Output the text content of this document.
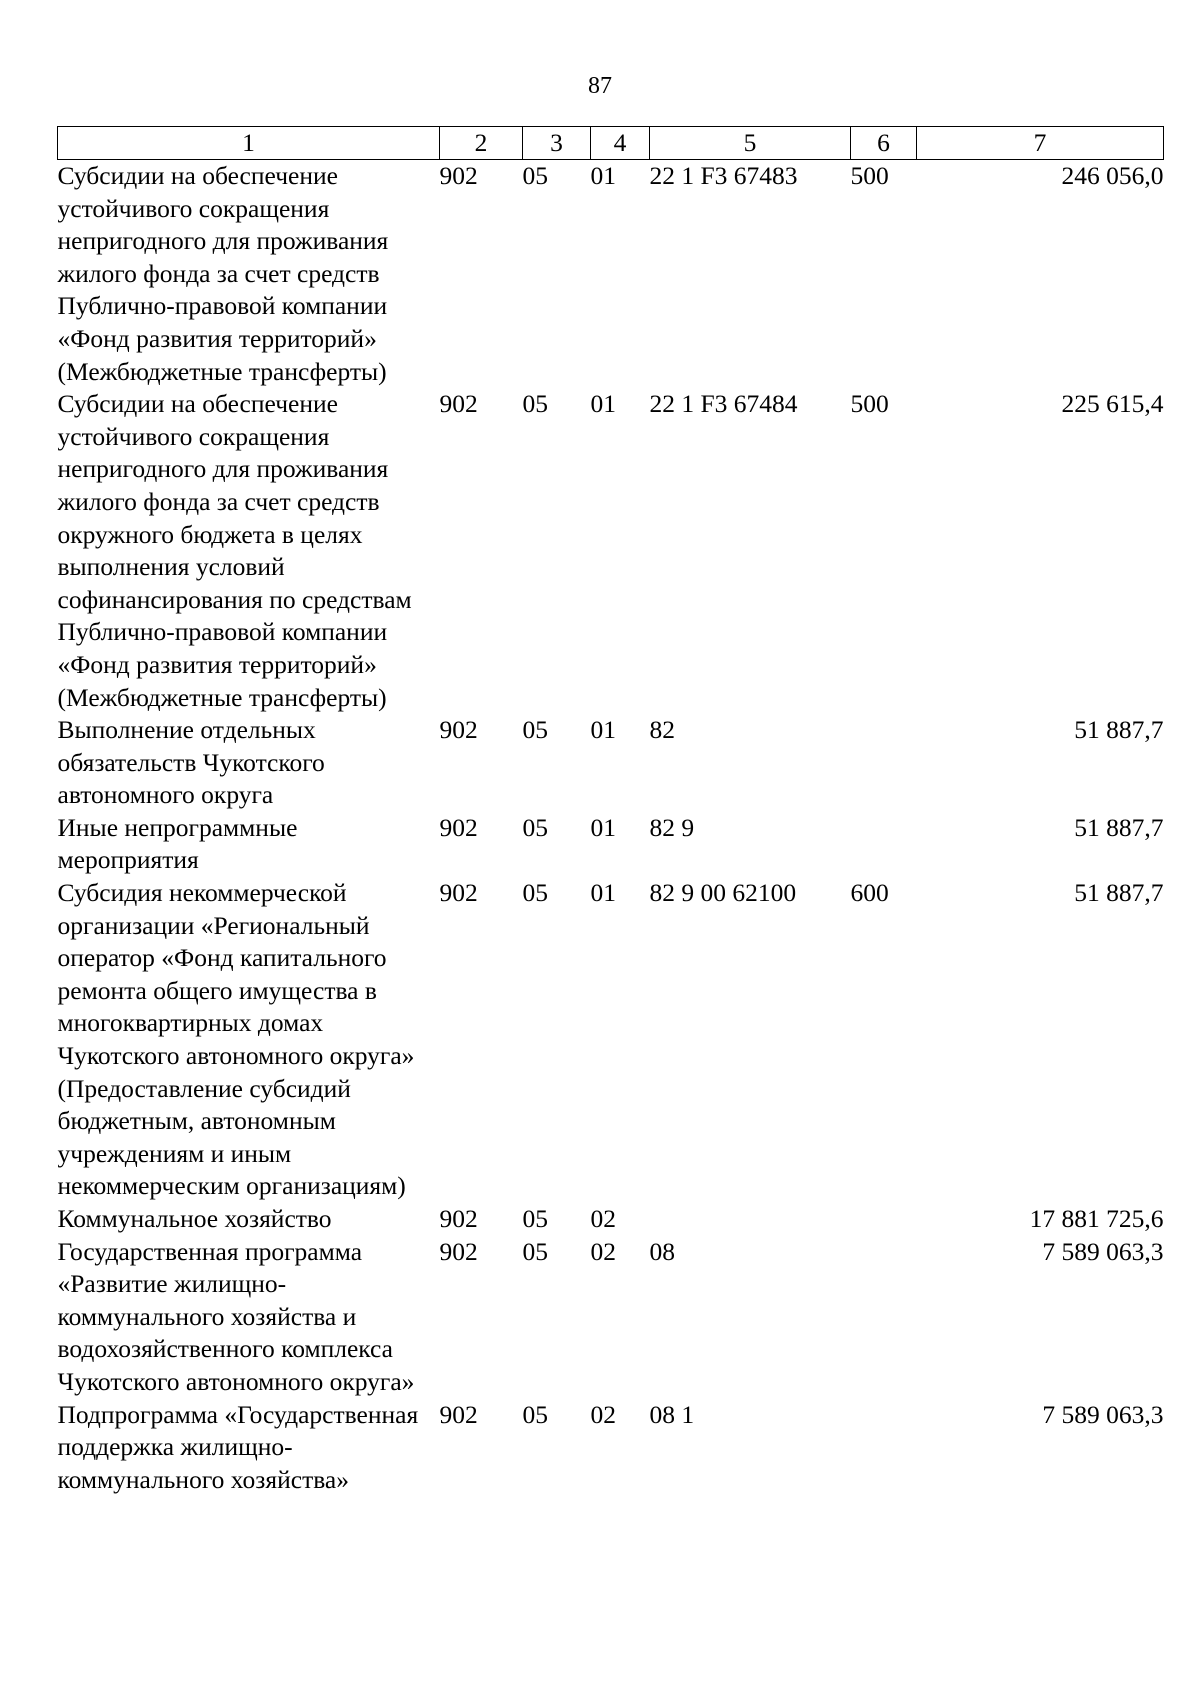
87
1	2	3	4	5	6	7
Субсидии на обеспечение устойчивого сокращения непригодного для проживания жилого фонда за счет средств Публично-правовой компании «Фонд развития территорий» (Межбюджетные трансферты)	902	05	01	22 1 F3 67483	500	246 056,0
Субсидии на обеспечение устойчивого сокращения непригодного для проживания жилого фонда за счет средств окружного бюджета в целях выполнения условий софинансирования по средствам Публично-правовой компании «Фонд развития территорий» (Межбюджетные трансферты)	902	05	01	22 1 F3 67484	500	225 615,4
Выполнение отдельных обязательств Чукотского автономного округа	902	05	01	82		51 887,7
Иные непрограммные мероприятия	902	05	01	82 9		51 887,7
Субсидия некоммерческой организации «Региональный оператор «Фонд капитального ремонта общего имущества в многоквартирных домах Чукотского автономного округа» (Предоставление субсидий бюджетным, автономным учреждениям и иным некоммерческим организациям)	902	05	01	82 9 00 62100	600	51 887,7
Коммунальное хозяйство	902	05	02			17 881 725,6
Государственная программа «Развитие жилищно-коммунального хозяйства и водохозяйственного комплекса Чукотского автономного округа»	902	05	02	08		7 589 063,3
Подпрограмма «Государственная поддержка жилищно-коммунального хозяйства»	902	05	02	08 1		7 589 063,3
